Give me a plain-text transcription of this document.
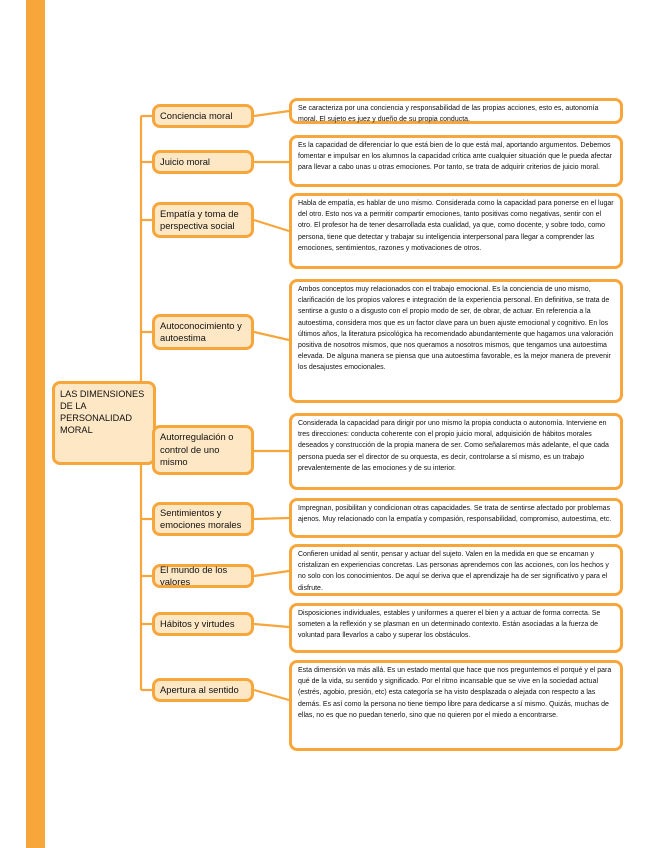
LAS DIMENSIONES DE LA PERSONALIDAD MORAL
Conciencia moral
Se caracteriza por una conciencia y responsabilidad de las propias acciones, esto es, autonomía moral. El sujeto es juez y dueño de su propia conducta.
Juicio moral
Es la capacidad de diferenciar lo que está bien de lo que está mal, aportando argumentos. Debemos fomentar e impulsar en los alumnos la capacidad crítica ante cualquier situación que le pueda afectar para llevar a cabo unas u otras emociones. Por tanto, se trata de adquirir criterios de juicio moral.
Empatía y toma de perspectiva social
Habla de empatía, es hablar de uno mismo. Considerada como la capacidad para ponerse en el lugar del otro. Esto nos va a permitir compartir emociones, tanto positivas como negativas, sentir con el otro. El profesor ha de tener desarrollada esta cualidad, ya que, como docente, y sobre todo, como persona, tiene que detectar y trabajar su inteligencia interpersonal para llegar a comprender las emociones, sentimientos, razones y motivaciones de otros.
Autoconocimiento y autoestima
Ambos conceptos muy relacionados con el trabajo emocional. Es la conciencia de uno mismo, clarificación de los propios valores e integración de la experiencia personal. En definitiva, se trata de sentirse a gusto o a disgusto con el propio modo de ser, de obrar, de actuar. En referencia a la autoestima, considera mos que es un factor clave para un buen ajuste emocional y cognitivo. En los últimos años, la literatura psicológica ha recomendado abundantemente que hagamos una valoración positiva de nosotros mismos, que nos queramos a nosotros mismos, que tengamos una autoestima elevada. De alguna manera se piensa que una autoestima favorable, es la mejor manera de prevenir los desajustes emocionales.
Autorregulación o control de uno mismo
Considerada la capacidad para dirigir por uno mismo la propia conducta o autonomía. Interviene en tres direcciones: conducta coherente con el propio juicio moral, adquisición de hábitos morales deseados y construcción de la propia manera de ser. Como señalaremos más adelante, el que cada persona pueda ser el director de su orquesta, es decir, controlarse a sí mismo, es un trabajo prevalentemente de las emociones y de su interior.
Sentimientos y emociones morales
Impregnan, posibilitan y condicionan otras capacidades. Se trata de sentirse afectado por problemas ajenos. Muy relacionado con la empatía y compasión, responsabilidad, compromiso, autoestima, etc.
El mundo de los valores
Confieren unidad al sentir, pensar y actuar del sujeto. Valen en la medida en que se encarnan y cristalizan en experiencias concretas. Las personas aprendemos con las acciones, con los hechos y no solo con los conocimientos. De aquí se deriva que el aprendizaje ha de ser significativo y para el disfrute.
Hábitos y virtudes
Disposiciones individuales, estables y uniformes a querer el bien y a actuar de forma correcta. Se someten a la reflexión y se plasman en un determinado contexto. Están asociadas a la fuerza de voluntad para llevarlos a cabo y superar los obstáculos.
Apertura al sentido
Esta dimensión va más allá. Es un estado mental que hace que nos preguntemos el porqué y el para qué de la vida, su sentido y significado. Por el ritmo incansable que se vive en la sociedad actual (estrés, agobio, presión, etc) esta categoría se ha visto desplazada o alejada con respecto a las demás. Es así como la persona no tiene tiempo libre para dedicarse a sí mismo. Quizás, muchas de ellas, no es que no puedan tenerlo, sino que no quieren por el miedo a encontrarse.
